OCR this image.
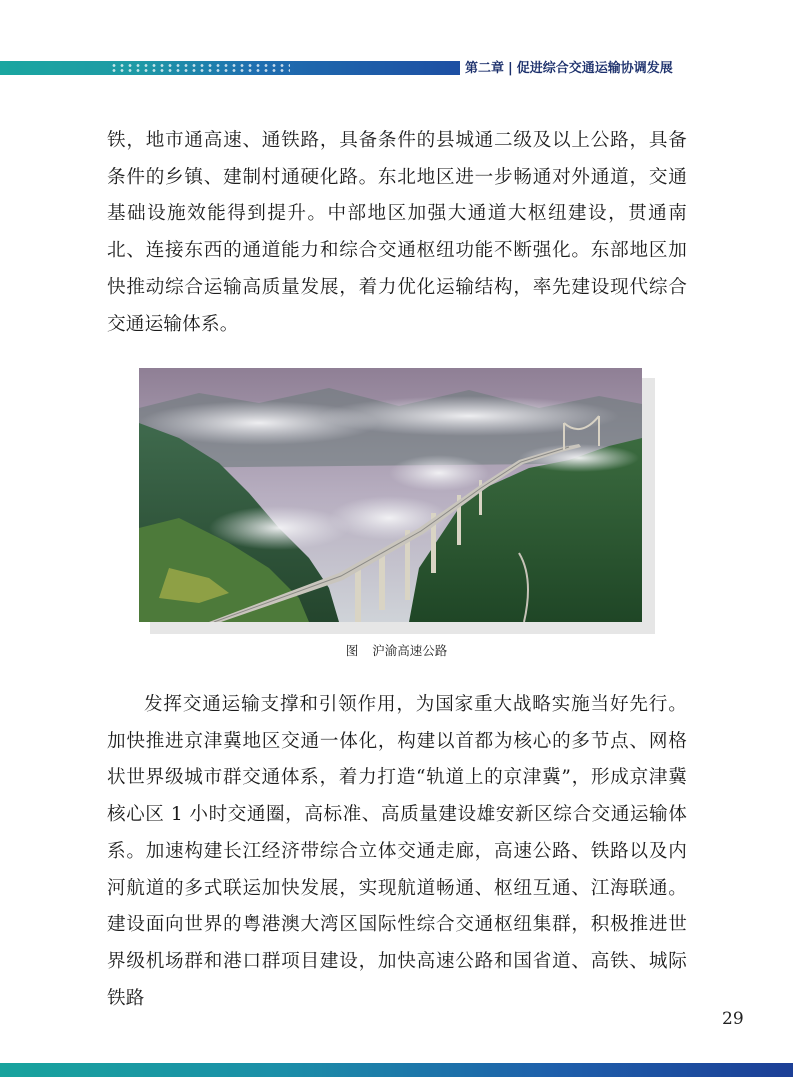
第二章 | 促进综合交通运输协调发展

铁，地市通高速、通铁路，具备条件的县城通二级及以上公路，具备条件的乡镇、建制村通硬化路。东北地区进一步畅通对外通道，交通基础设施效能得到提升。中部地区加强大通道大枢纽建设，贯通南北、连接东西的通道能力和综合交通枢纽功能不断强化。东部地区加快推动综合运输高质量发展，着力优化运输结构，率先建设现代综合交通运输体系。

图 沪渝高速公路

发挥交通运输支撑和引领作用，为国家重大战略实施当好先行。加快推进京津冀地区交通一体化，构建以首都为核心的多节点、网格状世界级城市群交通体系，着力打造“轨道上的京津冀”，形成京津冀核心区 1 小时交通圈，高标准、高质量建设雄安新区综合交通运输体系。加速构建长江经济带综合立体交通走廊，高速公路、铁路以及内河航道的多式联运加快发展，实现航道畅通、枢纽互通、江海联通。建设面向世界的粤港澳大湾区国际性综合交通枢纽集群，积极推进世界级机场群和港口群项目建设，加快高速公路和国省道、高铁、城际铁路

29
